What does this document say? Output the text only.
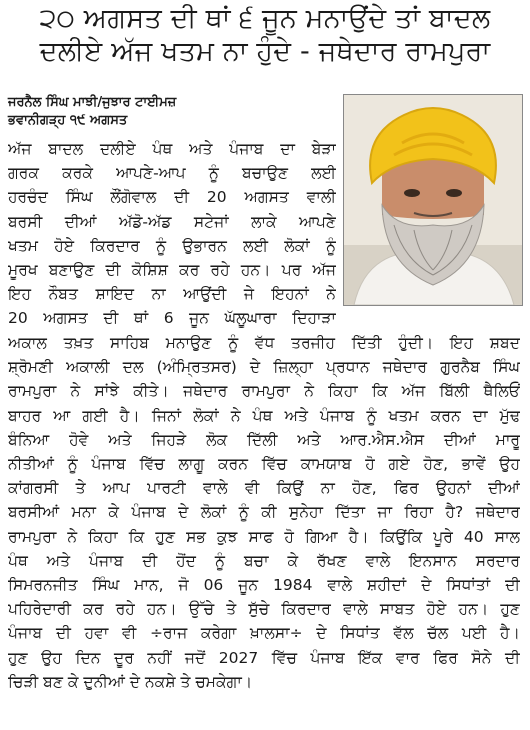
੨੦ ਅਗਸਤ ਦੀ ਥਾਂ ੬ ਜੂਨ ਮਨਾਉਂਦੇ ਤਾਂ ਬਾਦਲ
ਦਲੀਏ ਅੱਜ ਖਤਮ ਨਾ ਹੁੰਦੇ - ਜਥੇਦਾਰ ਰਾਮਪੁਰਾ
ਜਰਨੈਲ ਸਿੰਘ ਮਾਝੀ/ਜੁਝਾਰ ਟਾਈਮਜ਼
ਭਵਾਨੀਗੜ੍ਹ ੧੯ ਅਗਸਤ
ਅੱਜ ਬਾਦਲ ਦਲੀਏ ਪੰਥ ਅਤੇ ਪੰਜਾਬ ਦਾ ਬੇੜਾ
ਗਰਕ ਕਰਕੇ ਆਪਣੇ-ਆਪ ਨੂੰ ਬਚਾਉਣ ਲਈ
ਹਰਚੰਦ ਸਿੰਘ ਲੌਂਗੋਵਾਲ ਦੀ 20 ਅਗਸਤ ਵਾਲੀ
ਬਰਸੀ ਦੀਆਂ ਅੱਡੋ-ਅੱਡ ਸਟੇਜਾਂ ਲਾਕੇ ਆਪਣੇ
ਖਤਮ ਹੋਏ ਕਿਰਦਾਰ ਨੂੰ ਉਭਾਰਨ ਲਈ ਲੋਕਾਂ ਨੂੰ
ਮੂਰਖ ਬਣਾਉਣ ਦੀ ਕੋਸ਼ਿਸ਼ ਕਰ ਰਹੇ ਹਨ। ਪਰ ਅੱਜ
ਇਹ ਨੌਬਤ ਸ਼ਾਇਦ ਨਾ ਆਉਂਦੀ ਜੇ ਇਹਨਾਂ ਨੇ
20 ਅਗਸਤ ਦੀ ਥਾਂ 6 ਜੂਨ ਘੱਲੂਘਾਰਾ ਦਿਹਾੜਾ
ਅਕਾਲ ਤਖ਼ਤ ਸਾਹਿਬ ਮਨਾਉਣ ਨੂੰ ਵੱਧ ਤਰਜੀਹ ਦਿੱਤੀ ਹੁੰਦੀ। ਇਹ ਸ਼ਬਦ
ਸ਼੍ਰੋਮਣੀ ਅਕਾਲੀ ਦਲ (ਅੰਮ੍ਰਿਤਸਰ) ਦੇ ਜ਼ਿਲ੍ਹਾ ਪ੍ਰਧਾਨ ਜਥੇਦਾਰ ਗੁਰਨੈਬ ਸਿੰਘ
ਰਾਮਪੁਰਾ ਨੇ ਸਾਂਝੇ ਕੀਤੇ। ਜਥੇਦਾਰ ਰਾਮਪੁਰਾ ਨੇ ਕਿਹਾ ਕਿ ਅੱਜ ਬਿੱਲੀ ਥੈਲਿਓਂ
ਬਾਹਰ ਆ ਗਈ ਹੈ। ਜਿਨਾਂ ਲੋਕਾਂ ਨੇ ਪੰਥ ਅਤੇ ਪੰਜਾਬ ਨੂੰ ਖਤਮ ਕਰਨ ਦਾ ਮੁੱਢ
ਬੰਨਿਆ ਹੋਵੇ ਅਤੇ ਜਿਹੜੇ ਲੋਕ ਦਿੱਲੀ ਅਤੇ ਆਰ.ਐਸ.ਐਸ ਦੀਆਂ ਮਾਰੂ
ਨੀਤੀਆਂ ਨੂੰ ਪੰਜਾਬ ਵਿੱਚ ਲਾਗੂ ਕਰਨ ਵਿੱਚ ਕਾਮਯਾਬ ਹੋ ਗਏ ਹੋਣ, ਭਾਵੇਂ ਉਹ
ਕਾਂਗਰਸੀ ਤੇ ਆਪ ਪਾਰਟੀ ਵਾਲੇ ਵੀ ਕਿਉਂ ਨਾ ਹੋਣ, ਫਿਰ ਉਹਨਾਂ ਦੀਆਂ
ਬਰਸੀਆਂ ਮਨਾ ਕੇ ਪੰਜਾਬ ਦੇ ਲੋਕਾਂ ਨੂੰ ਕੀ ਸੁਨੇਹਾ ਦਿੱਤਾ ਜਾ ਰਿਹਾ ਹੈ? ਜਥੇਦਾਰ
ਰਾਮਪੁਰਾ ਨੇ ਕਿਹਾ ਕਿ ਹੁਣ ਸਭ ਕੁਝ ਸਾਫ ਹੋ ਗਿਆ ਹੈ। ਕਿਉਂਕਿ ਪੂਰੇ 40 ਸਾਲ
ਪੰਥ ਅਤੇ ਪੰਜਾਬ ਦੀ ਹੋਂਦ ਨੂੰ ਬਚਾ ਕੇ ਰੱਖਣ ਵਾਲੇ ਇਨਸਾਨ ਸਰਦਾਰ
ਸਿਮਰਨਜੀਤ ਸਿੰਘ ਮਾਨ, ਜੋ 06 ਜੂਨ 1984 ਵਾਲੇ ਸ਼ਹੀਦਾਂ ਦੇ ਸਿਧਾਂਤਾਂ ਦੀ
ਪਹਿਰੇਦਾਰੀ ਕਰ ਰਹੇ ਹਨ। ਉੱਚੇ ਤੇ ਸੁੱਚੇ ਕਿਰਦਾਰ ਵਾਲੇ ਸਾਬਤ ਹੋਏ ਹਨ। ਹੁਣ
ਪੰਜਾਬ ਦੀ ਹਵਾ ਵੀ ÷ਰਾਜ ਕਰੇਗਾ ਖ਼ਾਲਸਾ÷ ਦੇ ਸਿਧਾਂਤ ਵੱਲ ਚੱਲ ਪਈ ਹੈ।
ਹੁਣ ਉਹ ਦਿਨ ਦੂਰ ਨਹੀਂ ਜਦੋਂ 2027 ਵਿੱਚ ਪੰਜਾਬ ਇੱਕ ਵਾਰ ਫਿਰ ਸੋਨੇ ਦੀ
ਚਿੜੀ ਬਣ ਕੇ ਦੁਨੀਆਂ ਦੇ ਨਕਸ਼ੇ ਤੇ ਚਮਕੇਗਾ।
